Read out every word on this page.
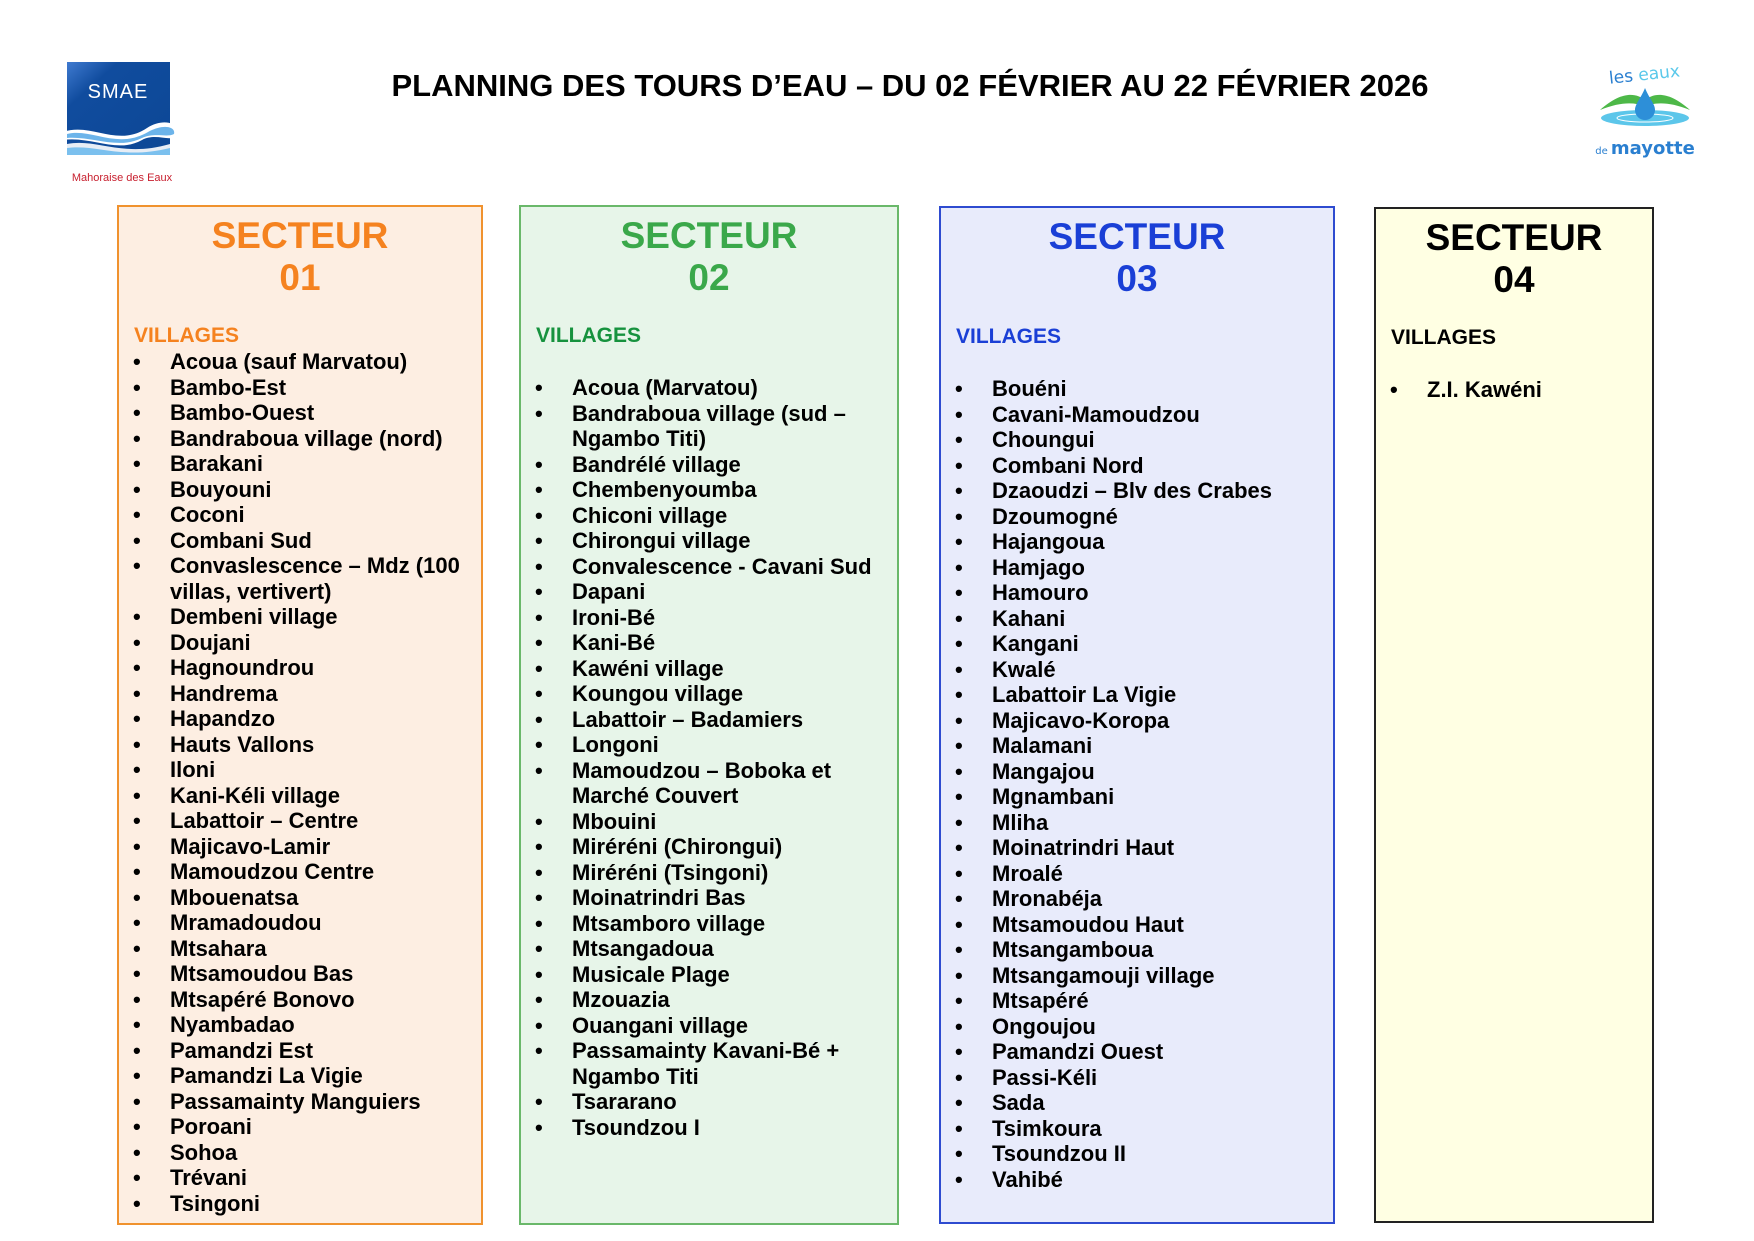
SMAE
Mahoraise des Eaux
PLANNING DES TOURS D’EAU – DU 02 FÉVRIER AU 22 FÉVRIER 2026	les eaux
de mayotte
SECTEUR
01
VILLAGES
• Acoua (sauf Marvatou)
• Bambo-Est
• Bambo-Ouest
• Bandraboua village (nord)
• Barakani
• Bouyouni
• Coconi
• Combani Sud
• Convaslescence – Mdz (100 villas, vertivert)
• Dembeni village
• Doujani
• Hagnoundrou
• Handrema
• Hapandzo
• Hauts Vallons
• Iloni
• Kani-Kéli village
• Labattoir – Centre
• Majicavo-Lamir
• Mamoudzou Centre
• Mbouenatsa
• Mramadoudou
• Mtsahara
• Mtsamoudou Bas
• Mtsapéré Bonovo
• Nyambadao
• Pamandzi Est
• Pamandzi La Vigie
• Passamainty Manguiers
• Poroani
• Sohoa
• Trévani
• Tsingoni
SECTEUR
02
VILLAGES
• Acoua (Marvatou)
• Bandraboua village (sud – Ngambo Titi)
• Bandrélé village
• Chembenyoumba
• Chiconi village
• Chirongui village
• Convalescence - Cavani Sud
• Dapani
• Ironi-Bé
• Kani-Bé
• Kawéni village
• Koungou village
• Labattoir – Badamiers
• Longoni
• Mamoudzou – Boboka et Marché Couvert
• Mbouini
• Miréréni (Chirongui)
• Miréréni (Tsingoni)
• Moinatrindri Bas
• Mtsamboro village
• Mtsangadoua
• Musicale Plage
• Mzouazia
• Ouangani village
• Passamainty Kavani-Bé + Ngambo Titi
• Tsararano
• Tsoundzou I
SECTEUR
03
VILLAGES
• Bouéni
• Cavani-Mamoudzou
• Choungui
• Combani Nord
• Dzaoudzi – Blv des Crabes
• Dzoumogné
• Hajangoua
• Hamjago
• Hamouro
• Kahani
• Kangani
• Kwalé
• Labattoir La Vigie
• Majicavo-Koropa
• Malamani
• Mangajou
• Mgnambani
• Mliha
• Moinatrindri Haut
• Mroalé
• Mronabéja
• Mtsamoudou Haut
• Mtsangamboua
• Mtsangamouji village
• Mtsapéré
• Ongoujou
• Pamandzi Ouest
• Passi-Kéli
• Sada
• Tsimkoura
• Tsoundzou II
• Vahibé
SECTEUR
04
VILLAGES
• Z.I. Kawéni
